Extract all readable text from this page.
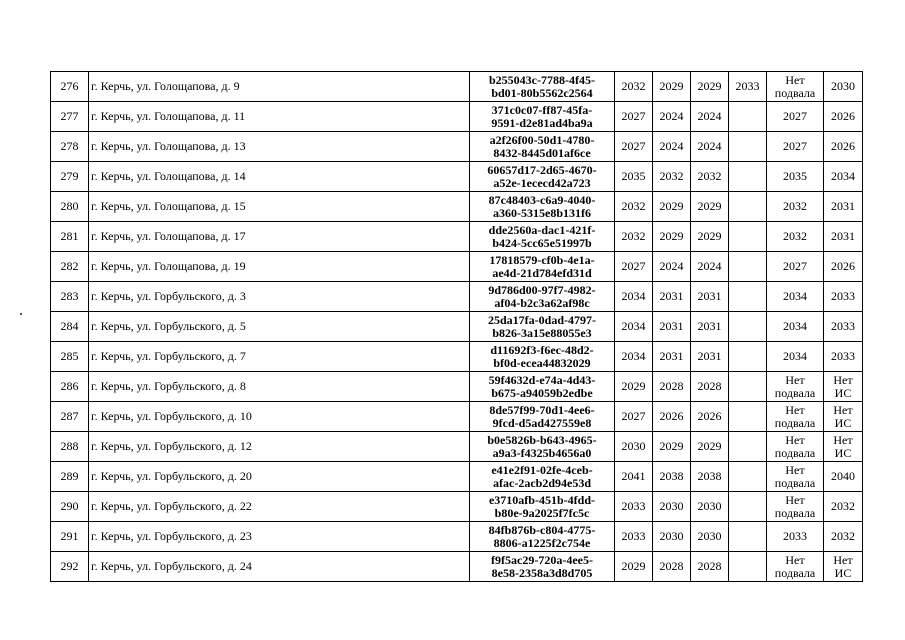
276	г. Керчь, ул. Голощапова, д. 9	b255043c-7788-4f45-
bd01-80b5562c2564	2032	2029	2029	2033	Нет подвала	2030
277	г. Керчь, ул. Голощапова, д. 11	371c0c07-ff87-45fa-
9591-d2e81ad4ba9a	2027	2024	2024		2027	2026
278	г. Керчь, ул. Голощапова, д. 13	a2f26f00-50d1-4780-
8432-8445d01af6ce	2027	2024	2024		2027	2026
279	г. Керчь, ул. Голощапова, д. 14	60657d17-2d65-4670-
a52e-1ececd42a723	2035	2032	2032		2035	2034
280	г. Керчь, ул. Голощапова, д. 15	87c48403-c6a9-4040-
a360-5315e8b131f6	2032	2029	2029		2032	2031
281	г. Керчь, ул. Голощапова, д. 17	dde2560a-dac1-421f-
b424-5cc65e51997b	2032	2029	2029		2032	2031
282	г. Керчь, ул. Голощапова, д. 19	17818579-cf0b-4e1a-
ae4d-21d784efd31d	2027	2024	2024		2027	2026
283	г. Керчь, ул. Горбульского, д. 3	9d786d00-97f7-4982-
af04-b2c3a62af98c	2034	2031	2031		2034	2033
284	г. Керчь, ул. Горбульского, д. 5	25da17fa-0dad-4797-
b826-3a15e88055e3	2034	2031	2031		2034	2033
285	г. Керчь, ул. Горбульского, д. 7	d11692f3-f6ec-48d2-
bf0d-ecea44832029	2034	2031	2031		2034	2033
286	г. Керчь, ул. Горбульского, д. 8	59f4632d-e74a-4d43-
b675-a94059b2edbe	2029	2028	2028		Нет подвала	Нет ИС
287	г. Керчь, ул. Горбульского, д. 10	8de57f99-70d1-4ee6-
9fcd-d5ad427559e8	2027	2026	2026		Нет подвала	Нет ИС
288	г. Керчь, ул. Горбульского, д. 12	b0e5826b-b643-4965-
a9a3-f4325b4656a0	2030	2029	2029		Нет подвала	Нет ИС
289	г. Керчь, ул. Горбульского, д. 20	e41e2f91-02fe-4ceb-
afac-2acb2d94e53d	2041	2038	2038		Нет подвала	2040
290	г. Керчь, ул. Горбульского, д. 22	e3710afb-451b-4fdd-
b80e-9a2025f7fc5c	2033	2030	2030		Нет подвала	2032
291	г. Керчь, ул. Горбульского, д. 23	84fb876b-c804-4775-
8806-a1225f2c754e	2033	2030	2030		2033	2032
292	г. Керчь, ул. Горбульского, д. 24	f9f5ac29-720a-4ee5-
8e58-2358a3d8d705	2029	2028	2028		Нет подвала	Нет ИС
